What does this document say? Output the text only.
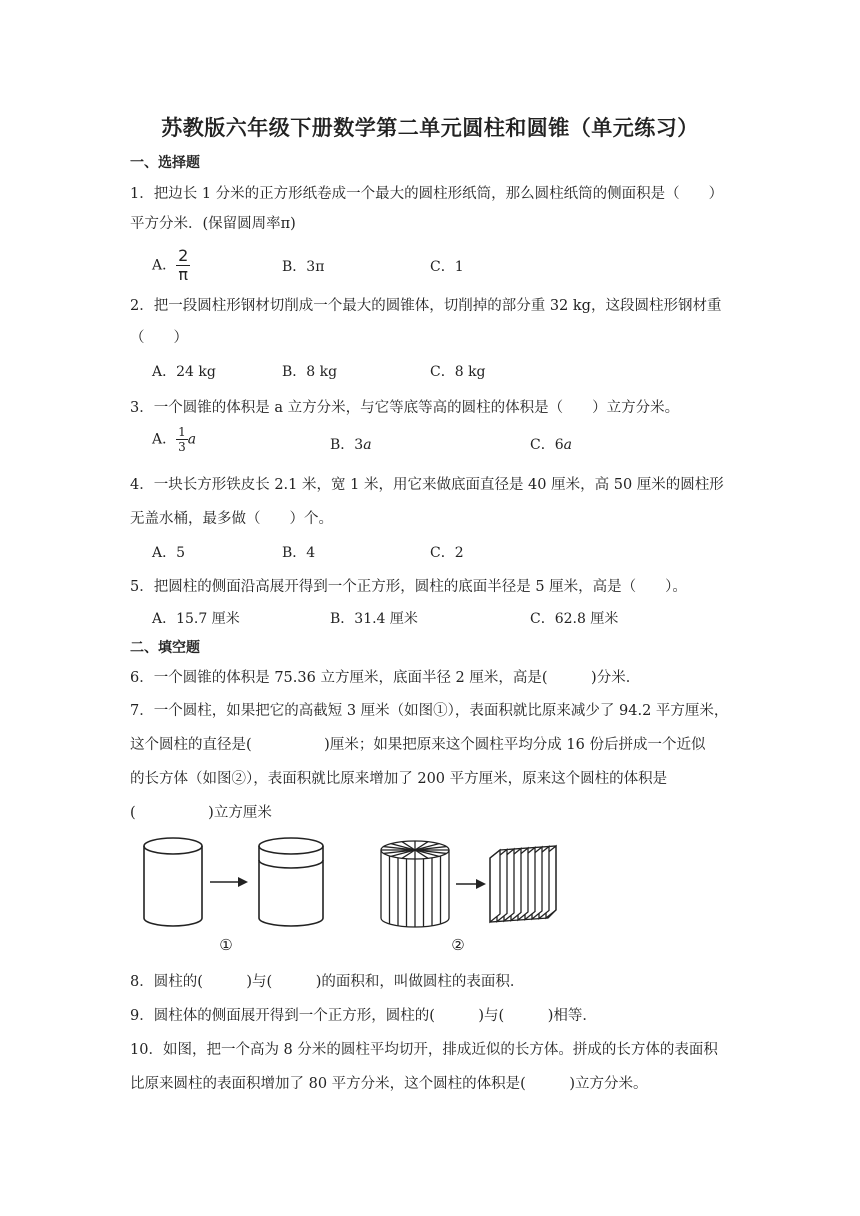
苏教版六年级下册数学第二单元圆柱和圆锥（单元练习）
一、选择题
1．把边长 1 分米的正方形纸卷成一个最大的圆柱形纸筒，那么圆柱纸筒的侧面积是（　　）
平方分米．(保留圆周率π)
A． $\frac{2}{\pi}$	B．3π	C．1
2．把一段圆柱形钢材切削成一个最大的圆锥体，切削掉的部分重 32 kg，这段圆柱形钢材重
（　　）
A．24 kg	B．8 kg	C．8 kg
3．一个圆锥的体积是 a 立方分米，与它等底等高的圆柱的体积是（　　）立方分米。
A． $\frac{1}{3}$ a	B．3a	C．6a
4．一块长方形铁皮长 2.1 米，宽 1 米，用它来做底面直径是 40 厘米，高 50 厘米的圆柱形
无盖水桶，最多做（　　）个。
A．5	B．4	C．2
5．把圆柱的侧面沿高展开得到一个正方形，圆柱的底面半径是 5 厘米，高是（　　）。
A．15.7 厘米	B．31.4 厘米	C．62.8 厘米
二、填空题
6．一个圆锥的体积是 75.36 立方厘米，底面半径 2 厘米，高是(　　　)分米．
7．一个圆柱，如果把它的高截短 3 厘米（如图①），表面积就比原来减少了 94.2 平方厘米，
这个圆柱的直径是(　　　　　)厘米；如果把原来这个圆柱平均分成 16 份后拼成一个近似
的长方体（如图②），表面积就比原来增加了 200 平方厘米，原来这个圆柱的体积是
(　　　　　)立方厘米
①	②
8．圆柱的(　　　)与(　　　)的面积和，叫做圆柱的表面积．
9．圆柱体的侧面展开得到一个正方形，圆柱的(　　　)与(　　　)相等．
10．如图，把一个高为 8 分米的圆柱平均切开，排成近似的长方体。拼成的长方体的表面积
比原来圆柱的表面积增加了 80 平方分米，这个圆柱的体积是(　　　)立方分米。
